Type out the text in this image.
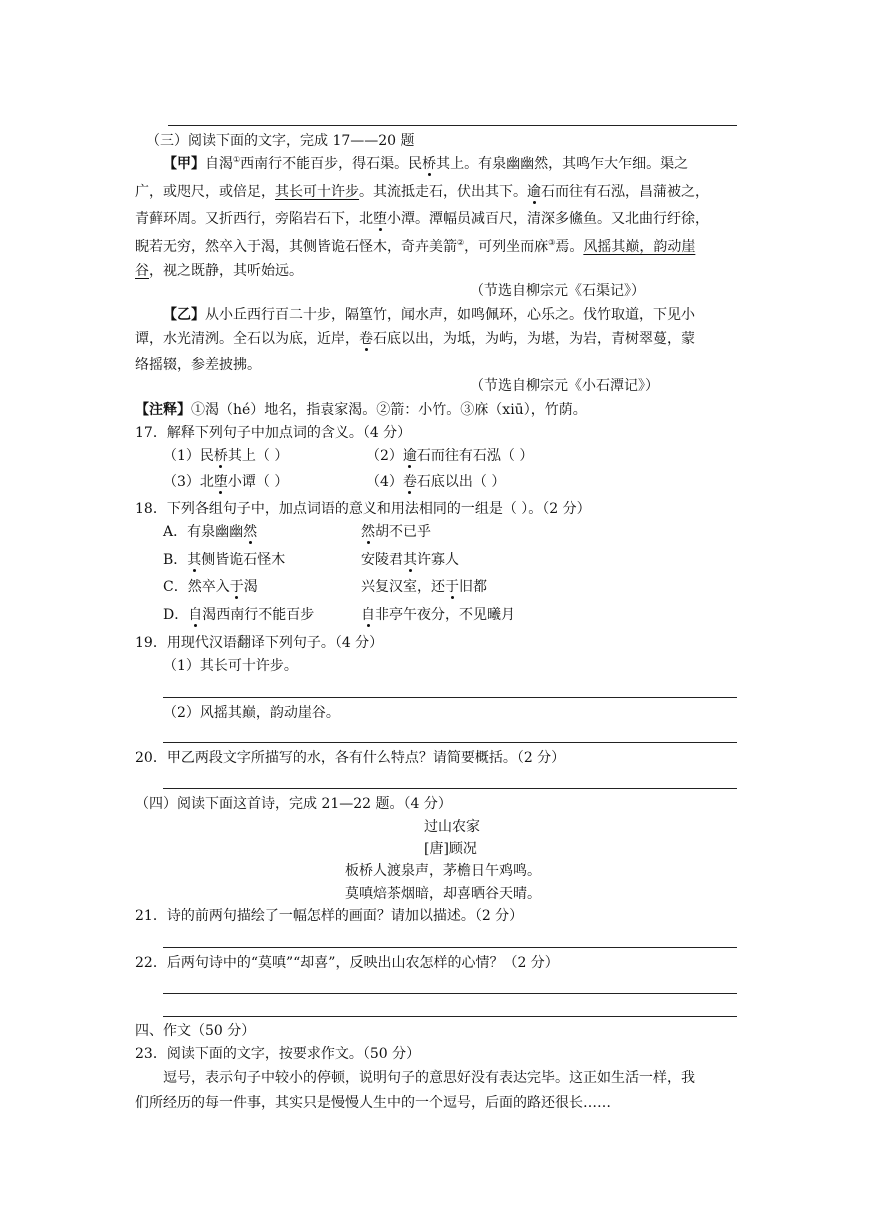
（三）阅读下面的文字，完成 17——20 题
【甲】自渴①西南行不能百步，得石渠。民桥其上。有泉幽幽然，其鸣乍大乍细。渠之
广，或咫尺，或倍足，其长可十许步。其流抵走石，伏出其下。逾石而往有石泓，昌蒲被之，
青藓环周。又折西行，旁陷岩石下，北堕小潭。潭幅员减百尺，清深多鯈鱼。又北曲行纡徐，
睨若无穷，然卒入于渴，其侧皆诡石怪木，奇卉美箭②，可列坐而庥③焉。风摇其巅，韵动崖
谷，视之既静，其听始远。
（节选自柳宗元《石渠记》）
【乙】从小丘西行百二十步，隔篁竹，闻水声，如鸣佩环，心乐之。伐竹取道，下见小
谭，水光清洌。全石以为底，近岸，卷石底以出，为坻，为屿，为堪，为岩，青树翠蔓，蒙
络摇辍，参差披拂。
（节选自柳宗元《小石潭记》）
【注释】①渴（hé）地名，指袁家渴。②箭：小竹。③庥（xiū），竹荫。
17．解释下列句子中加点词的含义。（4 分）
（1）民桥其上（ ）	（2）逾石而往有石泓（ ）
（3）北堕小谭（ ）	（4）卷石底以出（ ）
18．下列各组句子中，加点词语的意义和用法相同的一组是（ ）。（2 分）
A．有泉幽幽然	然胡不已乎
B．其侧皆诡石怪木	安陵君其许寡人
C．然卒入于渴	兴复汉室，还于旧都
D．自渴西南行不能百步	自非亭午夜分，不见曦月
19．用现代汉语翻译下列句子。（4 分）
（1）其长可十许步。
（2）风摇其巅，韵动崖谷。
20．甲乙两段文字所描写的水，各有什么特点？请简要概括。（2 分）
（四）阅读下面这首诗，完成 21—22 题。（4 分）
过山农家
[唐]顾况
板桥人渡泉声，茅檐日午鸡鸣。
莫嗔焙茶烟暗，却喜晒谷天晴。
21．诗的前两句描绘了一幅怎样的画面？请加以描述。（2 分）
22．后两句诗中的“莫嗔”“却喜”，反映出山农怎样的心情？（2 分）
四、作文（50 分）
23．阅读下面的文字，按要求作文。（50 分）
逗号，表示句子中较小的停顿，说明句子的意思好没有表达完毕。这正如生活一样，我
们所经历的每一件事，其实只是慢慢人生中的一个逗号，后面的路还很长……
